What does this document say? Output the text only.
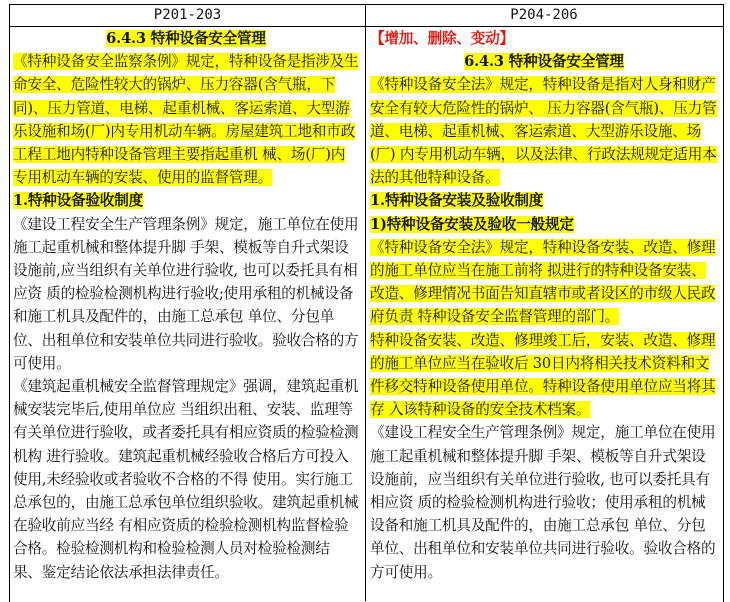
P201-203	P204-206

6.4.3 特种设备安全管理

《特种设备安全监察条例》规定，特种设备是指涉及生命安全、危险性较大的锅炉、压力容器(含气瓶，下同)、压力管道、电梯、起重机械、客运索道、大型游乐设施和场(厂)内专用机动车辆。房屋建筑工地和市政工程工地内特种设备管理主要指起重机 械、场(厂)内专用机动车辆的安装、使用的监督管理。

1.特种设备验收制度

《建设工程安全生产管理条例》规定，施工单位在使用施工起重机械和整体提升脚 手架、模板等自升式架设设施前,应当组织有关单位进行验收, 也可以委托具有相应资 质的检验检测机构进行验收;使用承租的机械设备和施工机具及配件的，由施工总承包 单位、分包单位、出租单位和安装单位共同进行验收。验收合格的方可使用。

《建筑起重机械安全监督管理规定》强调，建筑起重机械安装完毕后,使用单位应 当组织出租、安装、监理等有关单位进行验收，或者委托具有相应资质的检验检测机构 进行验收。建筑起重机械经验收合格后方可投入使用,未经验收或者验收不合格的不得 使用。实行施工总承包的，由施工总承包单位组织验收。建筑起重机械在验收前应当经 有相应资质的检验检测机构监督检验合格。检验检测机构和检验检测人员对检验检测结 果、鉴定结论依法承担法律责任。

【增加、删除、变动】

6.4.3 特种设备安全管理

《特种设备安全法》规定，特种设备是指对人身和财产安全有较大危险性的锅炉、 压力容器(含气瓶)、压力管道、电梯、起重机械、客运索道、大型游乐设施、场(厂) 内专用机动车辆，以及法律、行政法规规定适用本法的其他特种设备。

1.特种设备安装及验收制度

1)特种设备安装及验收一般规定

《特种设备安全法》规定，特种设备安装、改造、修理的施工单位应当在施工前将 拟进行的特种设备安装、改造、修理情况书面告知直辖市或者设区的市级人民政府负责 特种设备安全监督管理的部门。

特种设备安装、改造、修理竣工后，安装、改造、修理的施工单位应当在验收后 30日内将相关技术资料和文件移交特种设备使用单位。特种设备使用单位应当将其存 入该特种设备的安全技术档案。

《建设工程安全生产管理条例》规定，施工单位在使用施工起重机械和整体提升脚 手架、模板等自升式架设设施前，应当组织有关单位进行验收, 也可以委托具有相应资 质的检验检测机构进行验收；使用承租的机械设备和施工机具及配件的，由施工总承包 单位、分包单位、出租单位和安装单位共同进行验收。验收合格的方可使用。
